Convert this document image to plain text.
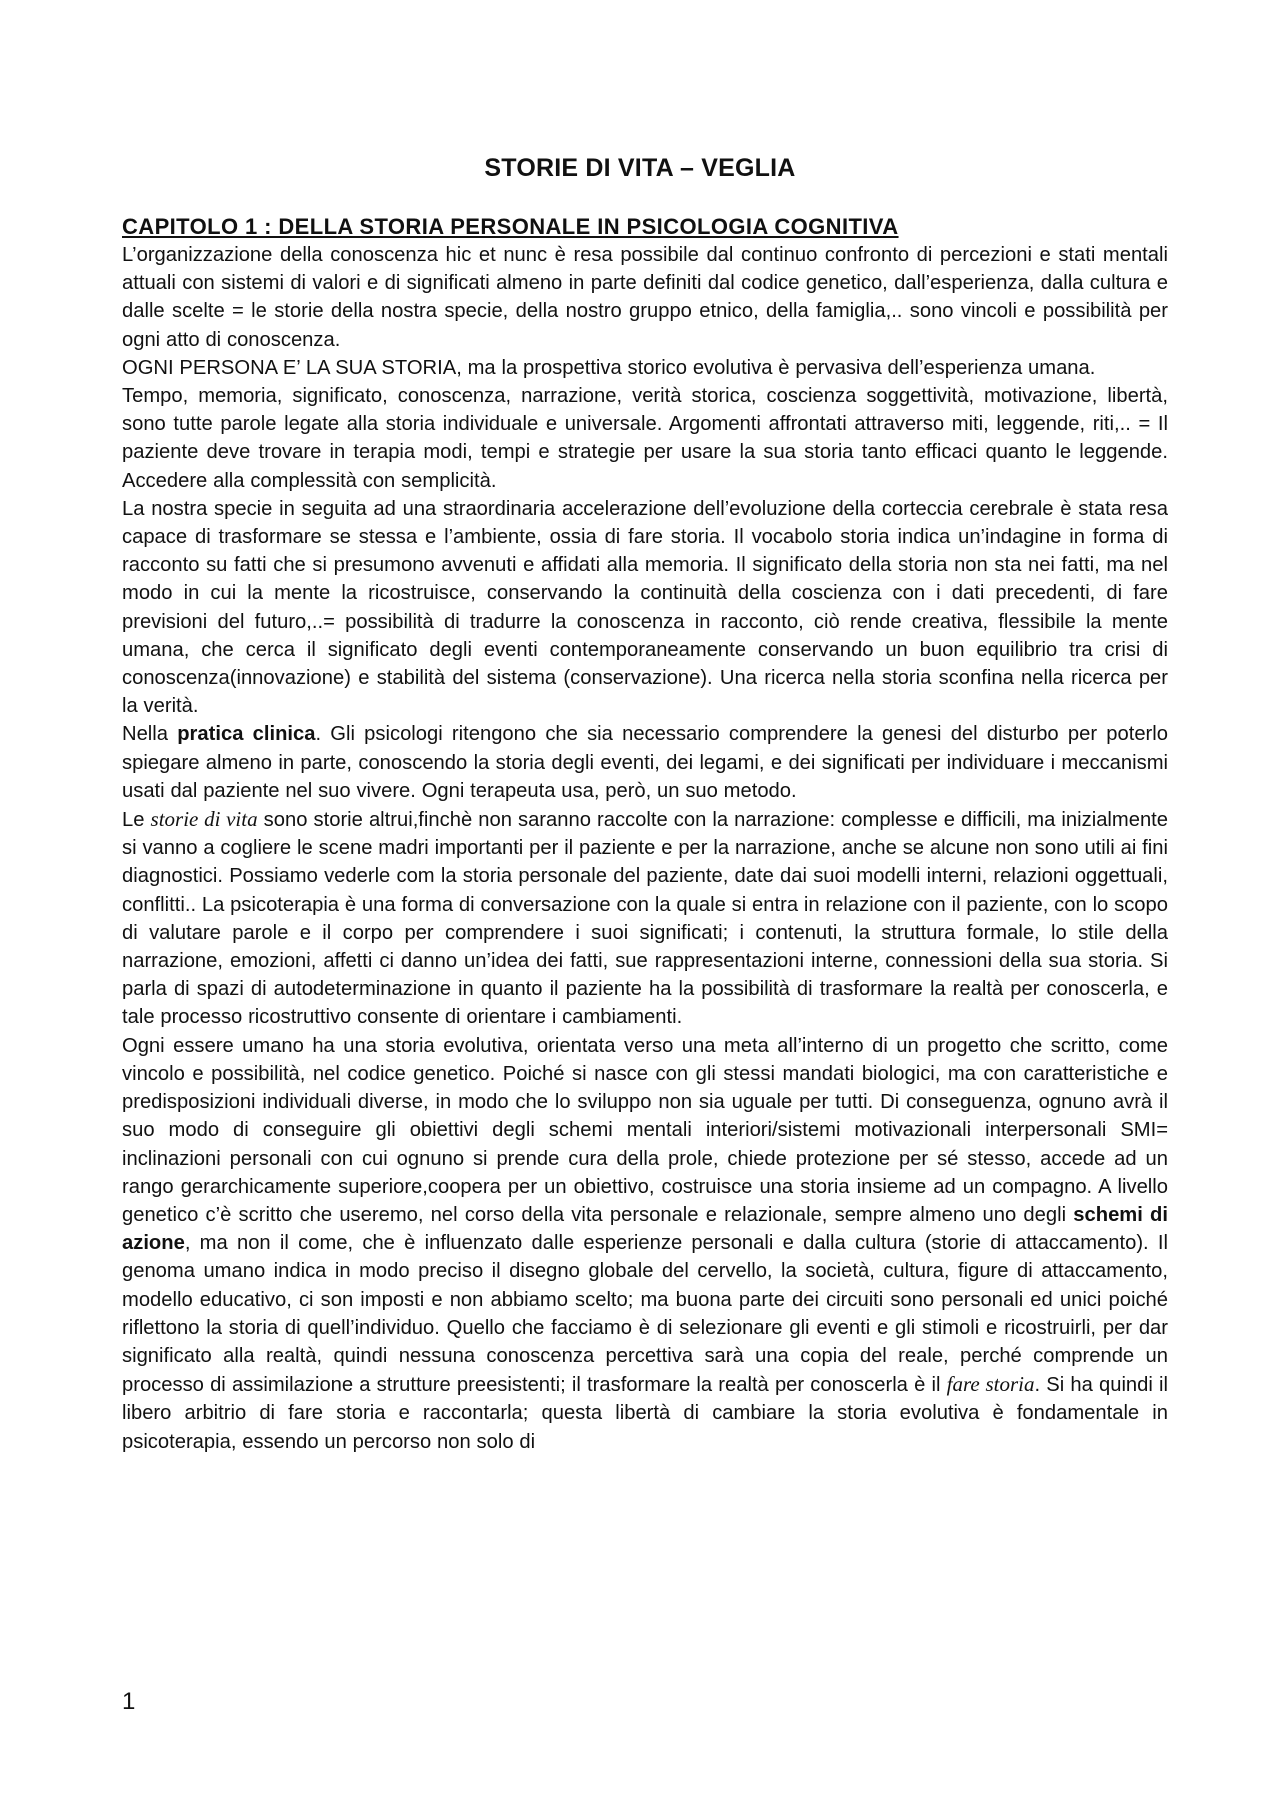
STORIE DI VITA – VEGLIA
CAPITOLO 1 : DELLA STORIA PERSONALE IN PSICOLOGIA COGNITIVA

L’organizzazione della conoscenza hic et nunc è resa possibile dal continuo confronto di percezioni e stati mentali attuali con sistemi di valori e di significati almeno in parte definiti dal codice genetico, dall’esperienza, dalla cultura e dalle scelte = le storie della nostra specie, della nostro gruppo etnico, della famiglia,.. sono vincoli e possibilità per ogni atto di conoscenza.

OGNI PERSONA E’ LA SUA STORIA, ma la prospettiva storico evolutiva è pervasiva dell’esperienza umana.

Tempo, memoria, significato, conoscenza, narrazione, verità storica, coscienza soggettività, motivazione, libertà, sono tutte parole legate alla storia individuale e universale. Argomenti affrontati attraverso miti, leggende, riti,.. = Il paziente deve trovare in terapia modi, tempi e strategie per usare la sua storia tanto efficaci quanto le leggende. Accedere alla complessità con semplicità.

La nostra specie in seguita ad una straordinaria accelerazione dell’evoluzione della corteccia cerebrale è stata resa capace di trasformare se stessa e l’ambiente, ossia di fare storia. Il vocabolo storia indica un’indagine in forma di racconto su fatti che si presumono avvenuti e affidati alla memoria. Il significato della storia non sta nei fatti, ma nel modo in cui la mente la ricostruisce, conservando la continuità della coscienza con i dati precedenti, di fare previsioni del futuro,..= possibilità di tradurre la conoscenza in racconto, ciò rende creativa, flessibile la mente umana, che cerca il significato degli eventi contemporaneamente conservando un buon equilibrio tra crisi di conoscenza(innovazione) e stabilità del sistema (conservazione). Una ricerca nella storia sconfina nella ricerca per la verità.

Nella pratica clinica. Gli psicologi ritengono che sia necessario comprendere la genesi del disturbo per poterlo spiegare almeno in parte, conoscendo la storia degli eventi, dei legami, e dei significati per individuare i meccanismi usati dal paziente nel suo vivere. Ogni terapeuta usa, però, un suo metodo.

Le storie di vita sono storie altrui,finchè non saranno raccolte con la narrazione: complesse e difficili, ma inizialmente si vanno a cogliere le scene madri importanti per il paziente e per la narrazione, anche se alcune non sono utili ai fini diagnostici. Possiamo vederle com la storia personale del paziente, date dai suoi modelli interni, relazioni oggettuali, conflitti.. La psicoterapia è una forma di conversazione con la quale si entra in relazione con il paziente, con lo scopo di valutare parole e il corpo per comprendere i suoi significati; i contenuti, la struttura formale, lo stile della narrazione, emozioni, affetti ci danno un’idea dei fatti, sue rappresentazioni interne, connessioni della sua storia. Si parla di spazi di autodeterminazione in quanto il paziente ha la possibilità di trasformare la realtà per conoscerla, e tale processo ricostruttivo consente di orientare i cambiamenti.

Ogni essere umano ha una storia evolutiva, orientata verso una meta all’interno di un progetto che scritto, come vincolo e possibilità, nel codice genetico. Poiché si nasce con gli stessi mandati biologici, ma con caratteristiche e predisposizioni individuali diverse, in modo che lo sviluppo non sia uguale per tutti. Di conseguenza, ognuno avrà il suo modo di conseguire gli obiettivi degli schemi mentali interiori/sistemi motivazionali interpersonali SMI= inclinazioni personali con cui ognuno si prende cura della prole, chiede protezione per sé stesso, accede ad un rango gerarchicamente superiore,coopera per un obiettivo, costruisce una storia insieme ad un compagno. A livello genetico c’è scritto che useremo, nel corso della vita personale e relazionale, sempre almeno uno degli schemi di azione, ma non il come, che è influenzato dalle esperienze personali e dalla cultura (storie di attaccamento). Il genoma umano indica in modo preciso il disegno globale del cervello, la società, cultura, figure di attaccamento, modello educativo, ci son imposti e non abbiamo scelto; ma buona parte dei circuiti sono personali ed unici poiché riflettono la storia di quell’individuo. Quello che facciamo è di selezionare gli eventi e gli stimoli e ricostruirli, per dar significato alla realtà, quindi nessuna conoscenza percettiva sarà una copia del reale, perché comprende un processo di assimilazione a strutture preesistenti; il trasformare la realtà per conoscerla è il fare storia. Si ha quindi il libero arbitrio di fare storia e raccontarla; questa libertà di cambiare la storia evolutiva è fondamentale in psicoterapia, essendo un percorso non solo di

1
